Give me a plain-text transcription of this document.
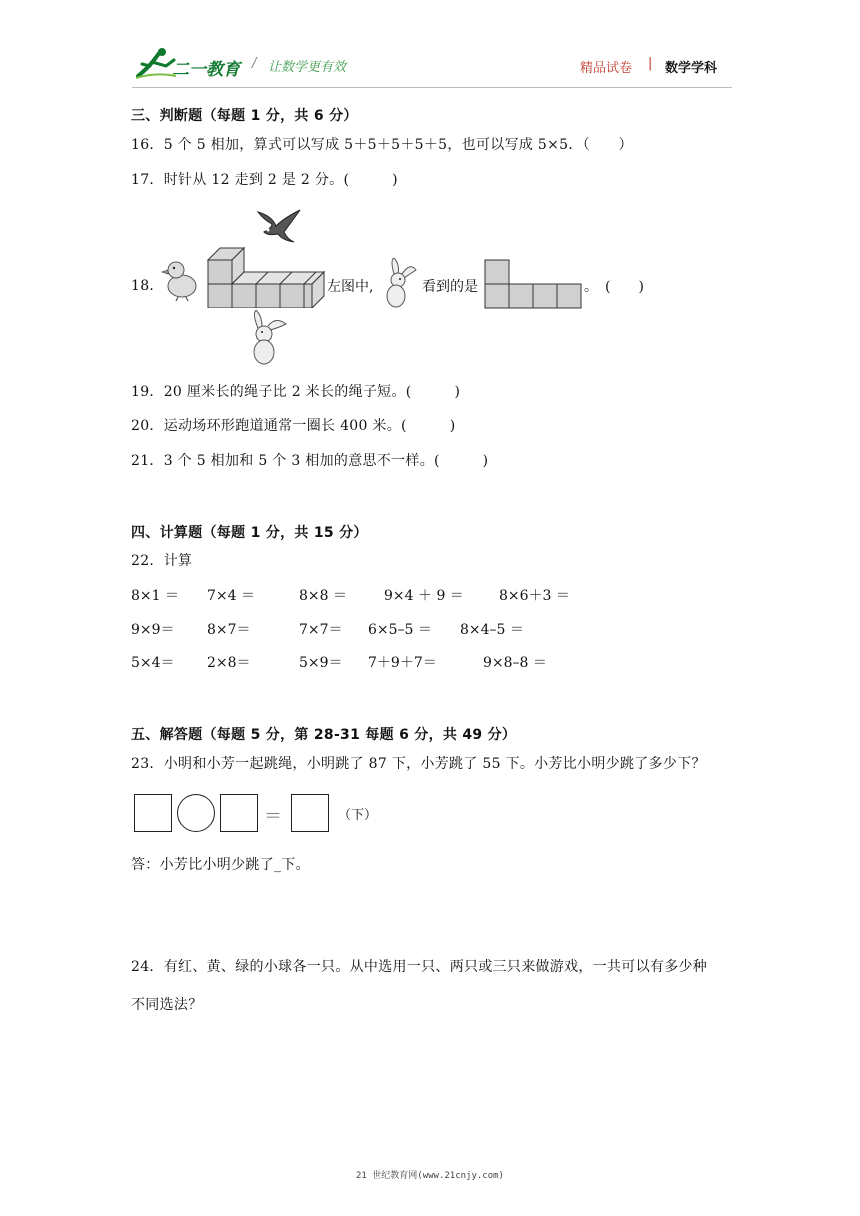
二一教育 / 让数学更有效	精品试卷 | 数学学科
三、判断题（每题 1 分，共 6 分）
16．5 个 5 相加，算式可以写成 5＋5＋5＋5＋5，也可以写成 5×5．（　　）
17．时针从 12 走到 2 是 2 分。(　　　)
18．	左图中,	看到的是	。　(　　)
19．20 厘米长的绳子比 2 米长的绳子短。(　　　)
20．运动场环形跑道通常一圈长 400 米。(　　　)
21．3 个 5 相加和 5 个 3 相加的意思不一样。(　　　)
四、计算题（每题 1 分，共 15 分）
22．计算
8×1 ＝ 7×4 ＝	8×8 ＝	9×4 ＋ 9 ＝	8×6＋3 ＝
9×9＝ 8×7＝	7×7＝ 6×5–5 ＝ 8×4–5 ＝
5×4＝ 2×8＝	5×9＝ 7＋9＋7＝	9×8–8 ＝
五、解答题（每题 5 分，第 28-31 每题 6 分，共 49 分）
23．小明和小芳一起跳绳，小明跳了 87 下，小芳跳了 55 下。小芳比小明少跳了多少下？
＝	（下）
答：小芳比小明少跳了_下。
24．有红、黄、绿的小球各一只。从中选用一只、两只或三只来做游戏，一共可以有多少种
不同选法？
21 世纪教育网(www.21cnjy.com)
